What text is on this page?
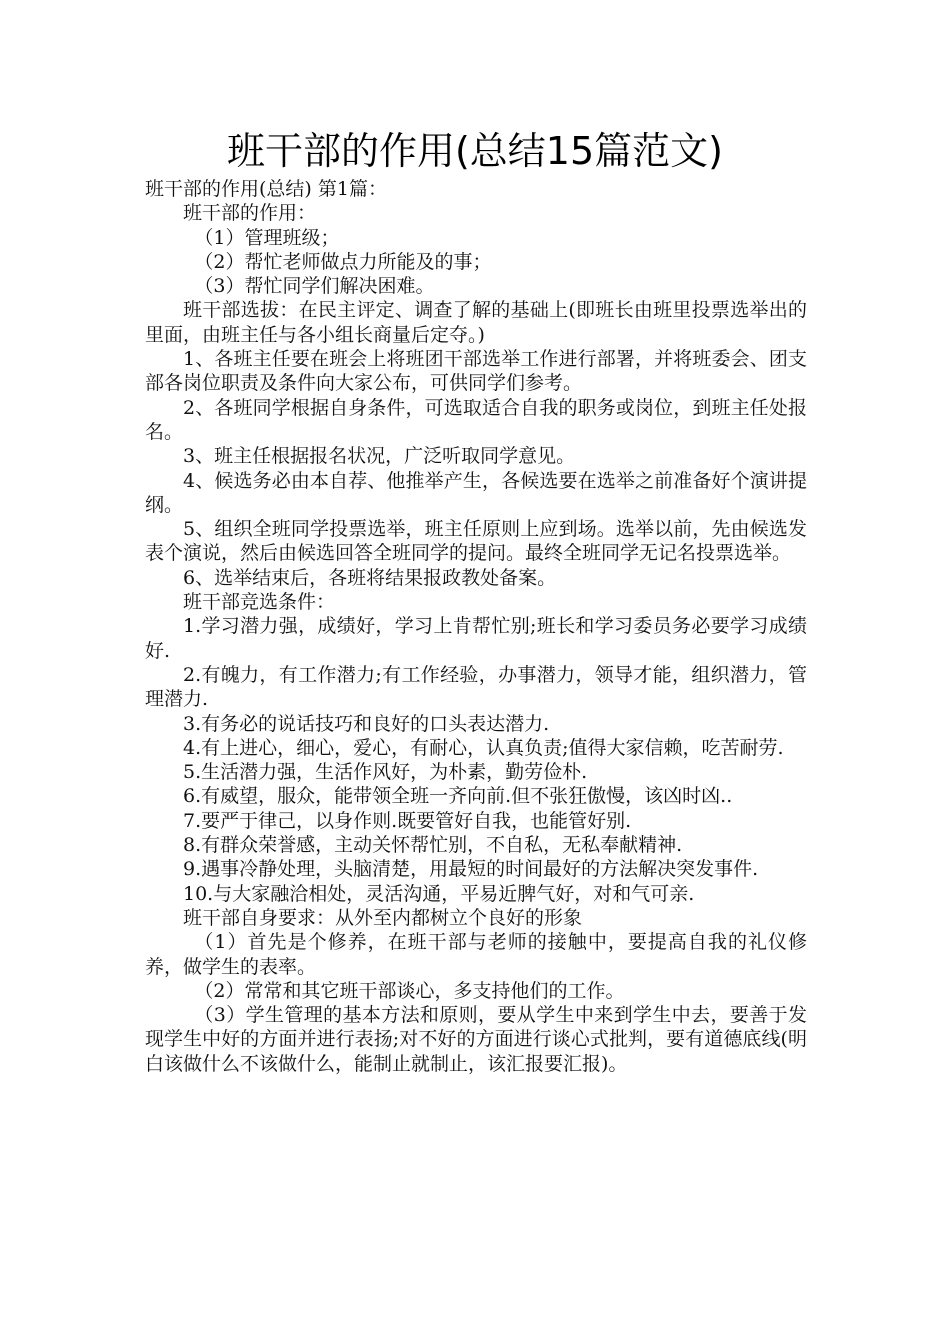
班干部的作用(总结15篇范文)

班干部的作用(总结) 第1篇：

班干部的作用：

（1）管理班级；

（2）帮忙老师做点力所能及的事；

（3）帮忙同学们解决困难。

班干部选拔：在民主评定、调查了解的基础上(即班长由班里投票选举出的里面，由班主任与各小组长商量后定夺。)

1、各班主任要在班会上将班团干部选举工作进行部署，并将班委会、团支部各岗位职责及条件向大家公布，可供同学们参考。

2、各班同学根据自身条件，可选取适合自我的职务或岗位，到班主任处报名。

3、班主任根据报名状况，广泛听取同学意见。

4、候选务必由本自荐、他推举产生，各候选要在选举之前准备好个演讲提纲。

5、组织全班同学投票选举，班主任原则上应到场。选举以前，先由候选发表个演说，然后由候选回答全班同学的提问。最终全班同学无记名投票选举。

6、选举结束后，各班将结果报政教处备案。

班干部竞选条件：

1.学习潜力强，成绩好，学习上肯帮忙别;班长和学习委员务必要学习成绩好.

2.有魄力，有工作潜力;有工作经验，办事潜力，领导才能，组织潜力，管理潜力.

3.有务必的说话技巧和良好的口头表达潜力.

4.有上进心，细心，爱心，有耐心，认真负责;值得大家信赖，吃苦耐劳.

5.生活潜力强，生活作风好，为朴素，勤劳俭朴.

6.有威望，服众，能带领全班一齐向前.但不张狂傲慢，该凶时凶..

7.要严于律己，以身作则.既要管好自我，也能管好别.

8.有群众荣誉感，主动关怀帮忙别，不自私，无私奉献精神.

9.遇事冷静处理，头脑清楚，用最短的时间最好的方法解决突发事件.

10.与大家融洽相处，灵活沟通，平易近脾气好，对和气可亲.

班干部自身要求：从外至内都树立个良好的形象

（1）首先是个修养，在班干部与老师的接触中，要提高自我的礼仪修养，做学生的表率。

（2）常常和其它班干部谈心，多支持他们的工作。

（3）学生管理的基本方法和原则，要从学生中来到学生中去，要善于发现学生中好的方面并进行表扬;对不好的方面进行谈心式批判，要有道德底线(明白该做什么不该做什么，能制止就制止，该汇报要汇报)。
